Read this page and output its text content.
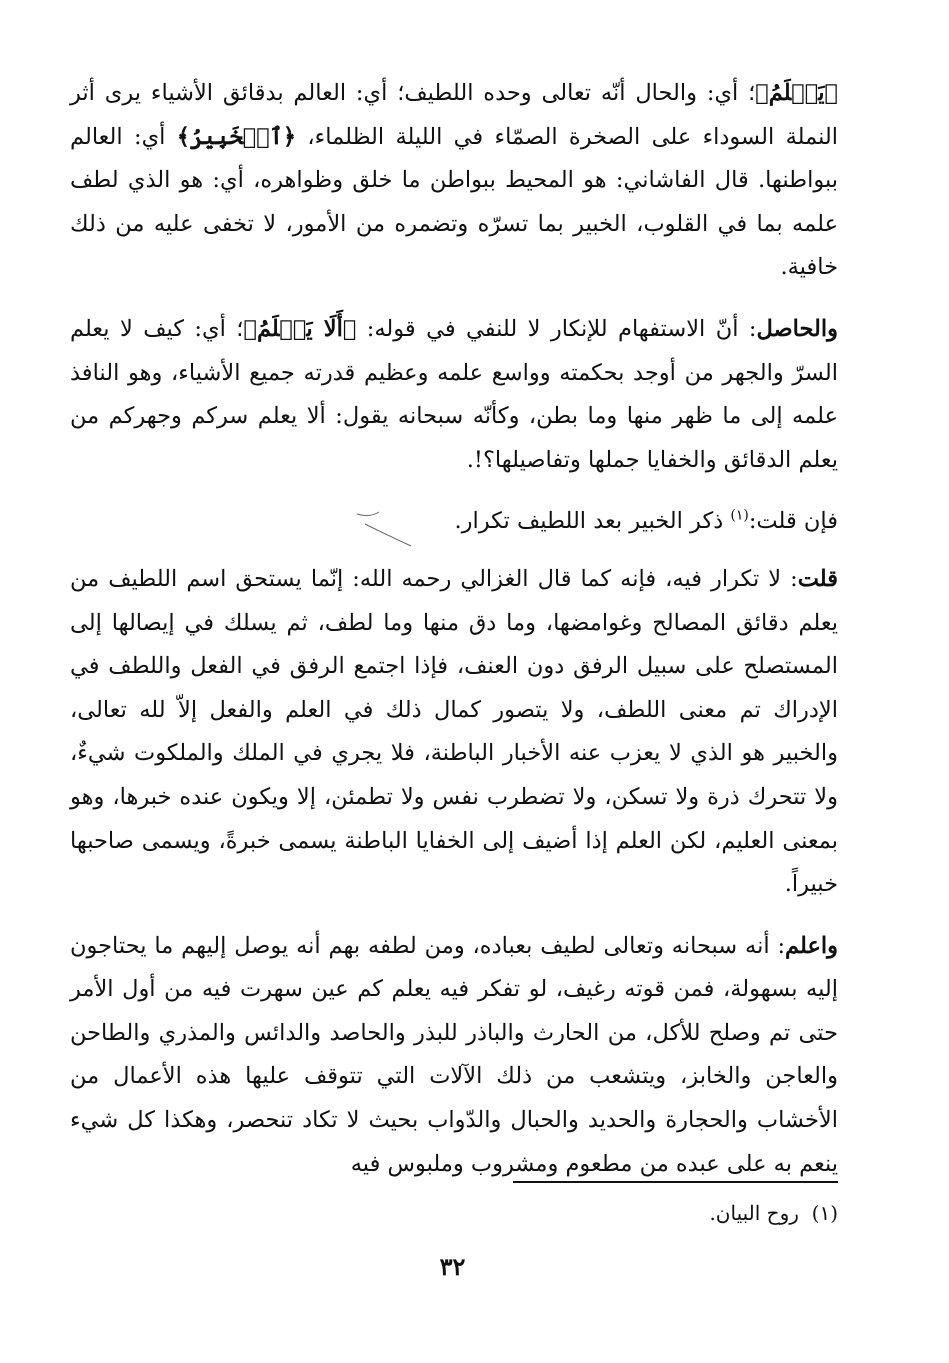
﴿يَعۡلَمُ﴾؛ أي: والحال أنّه تعالى وحده اللطيف؛ أي: العالم بدقائق الأشياء يرى أثر النملة السوداء على الصخرة الصمّاء في الليلة الظلماء، ﴿ٱلۡخَبِيرُ﴾ أي: العالم ببواطنها. قال الفاشاني: هو المحيط ببواطن ما خلق وظواهره، أي: هو الذي لطف علمه بما في القلوب، الخبير بما تسرّه وتضمره من الأمور، لا تخفى عليه من ذلك خافية.

والحاصل: أنّ الاستفهام للإنكار لا للنفي في قوله: ﴿أَلَا يَعۡلَمُ﴾؛ أي: كيف لا يعلم السرّ والجهر من أوجد بحكمته وواسع علمه وعظيم قدرته جميع الأشياء، وهو النافذ علمه إلى ما ظهر منها وما بطن، وكأنّه سبحانه يقول: ألا يعلم سركم وجهركم من يعلم الدقائق والخفايا جملها وتفاصيلها؟!.

فإن قلت:$^{(١)}$ ذكر الخبير بعد اللطيف تكرار.

قلت: لا تكرار فيه، فإنه كما قال الغزالي رحمه الله: إنّما يستحق اسم اللطيف من يعلم دقائق المصالح وغوامضها، وما دق منها وما لطف، ثم يسلك في إيصالها إلى المستصلح على سبيل الرفق دون العنف، فإذا اجتمع الرفق في الفعل واللطف في الإدراك تم معنى اللطف، ولا يتصور كمال ذلك في العلم والفعل إلاّ لله تعالى، والخبير هو الذي لا يعزب عنه الأخبار الباطنة، فلا يجري في الملك والملكوت شيءٌ، ولا تتحرك ذرة ولا تسكن، ولا تضطرب نفس ولا تطمئن، إلا ويكون عنده خبرها، وهو بمعنى العليم، لكن العلم إذا أضيف إلى الخفايا الباطنة يسمى خبرةً، ويسمى صاحبها خبيراً.

واعلم: أنه سبحانه وتعالى لطيف بعباده، ومن لطفه بهم أنه يوصل إليهم ما يحتاجون إليه بسهولة، فمن قوته رغيف، لو تفكر فيه يعلم كم عين سهرت فيه من أول الأمر حتى تم وصلح للأكل، من الحارث والباذر للبذر والحاصد والدائس والمذري والطاحن والعاجن والخابز، ويتشعب من ذلك الآلات التي تتوقف عليها هذه الأعمال من الأخشاب والحجارة والحديد والحبال والدّواب بحيث لا تكاد تنحصر، وهكذا كل شيء ينعم به على عبده من مطعوم ومشروب وملبوس فيه

(١)  روح البيان.
٣٢
